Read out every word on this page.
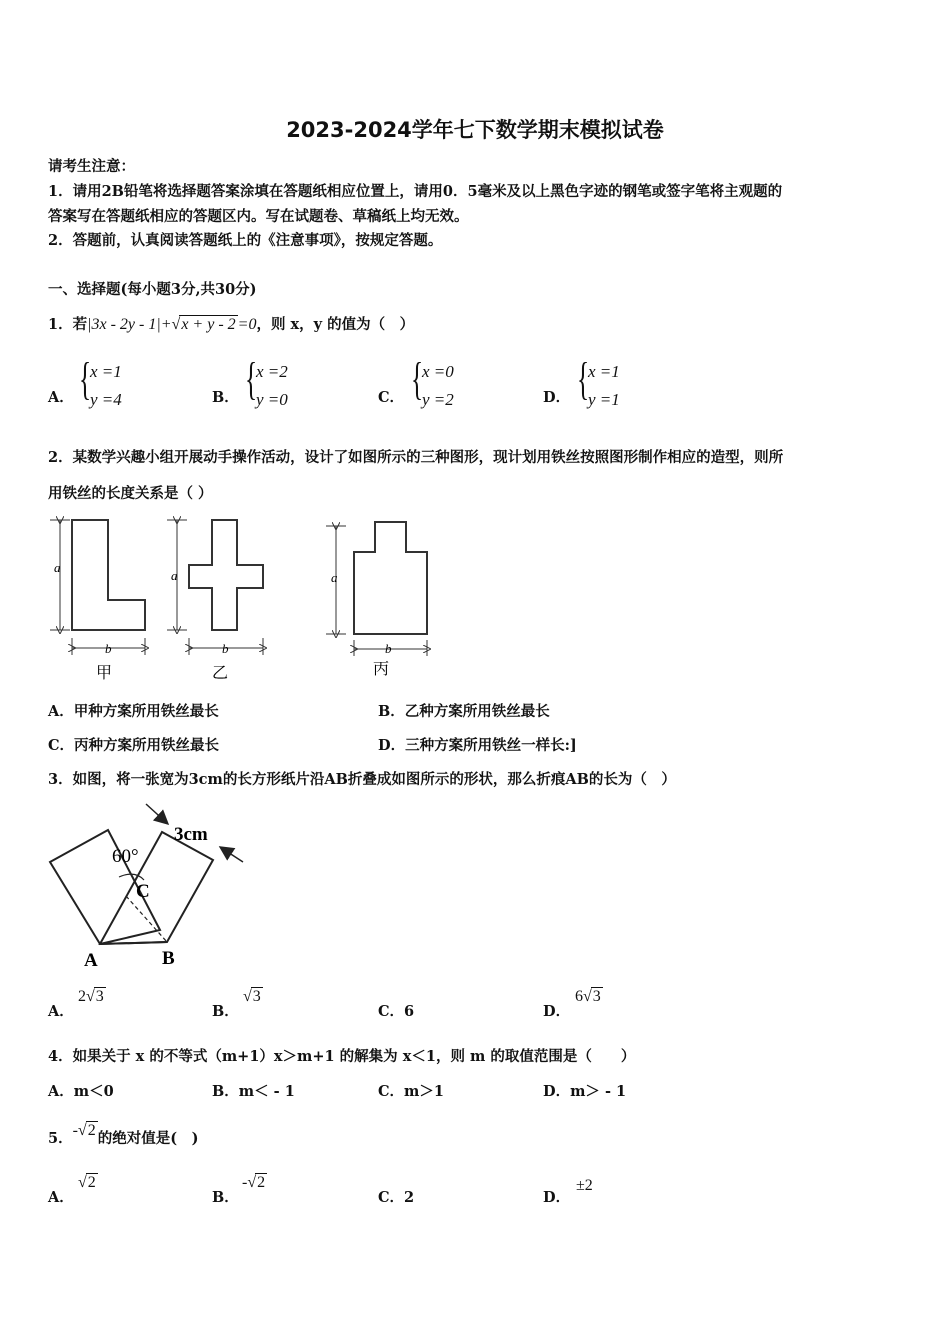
2023-2024学年七下数学期末模拟试卷
请考生注意：
1．请用2B铅笔将选择题答案涂填在答题纸相应位置上，请用0．5毫米及以上黑色字迹的钢笔或签字笔将主观题的
答案写在答题纸相应的答题区内。写在试题卷、草稿纸上均无效。
2．答题前，认真阅读答题纸上的《注意事项》，按规定答题。
一、选择题(每小题3分,共30分)
1．若|3x - 2y - 1|+√x + y - 2 =0，则 x，y 的值为（　）
A． {
x =1
y =4	B． {
x =2
y =0	C． {
x =0
y =2	D． {
x =1
y =1
2．某数学兴趣小组开展动手操作活动，设计了如图所示的三种图形，现计划用铁丝按照图形制作相应的造型，则所
用铁丝的长度关系是（ ）
a
b
甲
a
b
乙
a
b
丙
A．甲种方案所用铁丝最长	B．乙种方案所用铁丝最长
C．丙种方案所用铁丝最长	D．三种方案所用铁丝一样长:]
3．如图，将一张宽为3cm的长方形纸片沿AB折叠成如图所示的形状，那么折痕AB的长为（　）
3cm
60°
C
A	B
A．
2√3
B．
√3
C．6	D．
6√3
4．如果关于 x 的不等式（m+1）x＞m+1 的解集为 x＜1，则 m 的取值范围是（　　）
A．m＜0	B．m＜ - 1	C．m＞1	D．m＞ - 1
5．-√2 的绝对值是(　)
A．
√2
B．
-√2
C．2	D．
±2
